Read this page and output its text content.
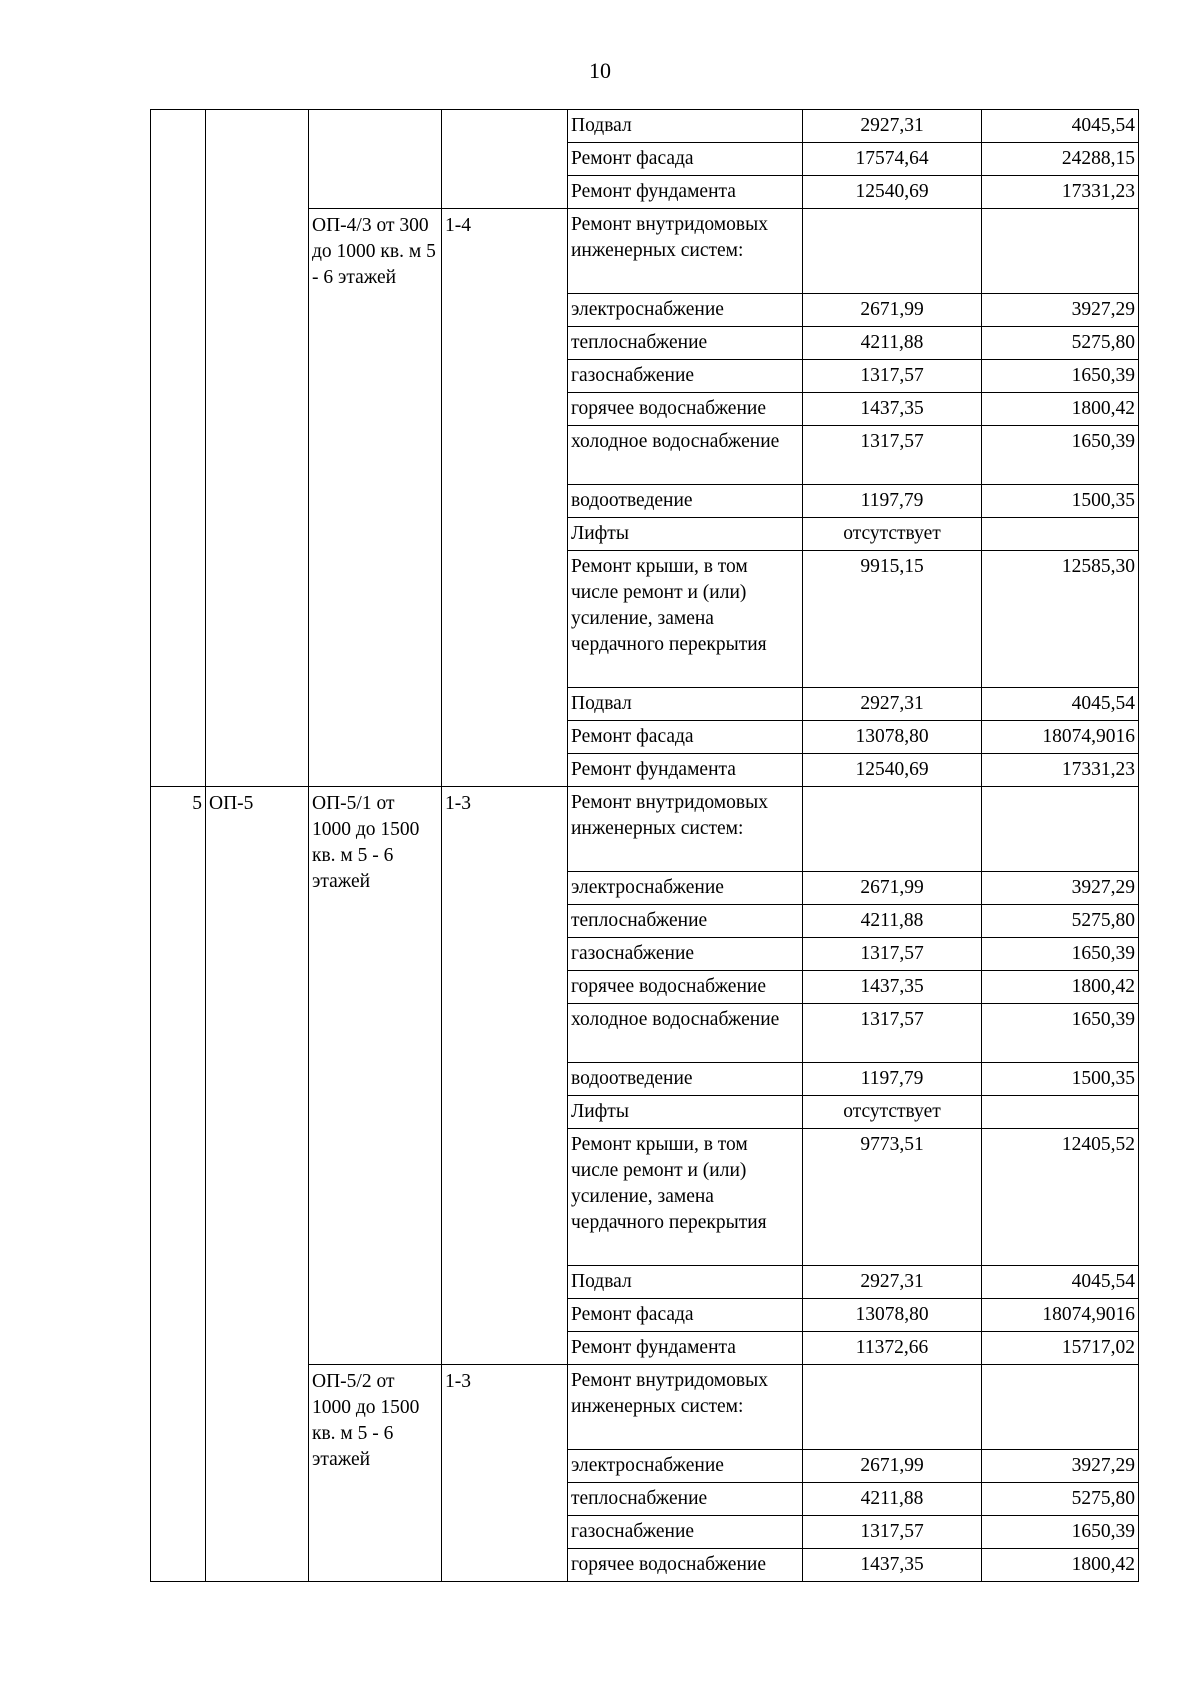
10
				Подвал	2927,31	4045,54
				Ремонт фасада	17574,64	24288,15
				Ремонт фундамента	12540,69	17331,23
		ОП-4/3 от 300 до 1000 кв. м 5 - 6 этажей	1-4	Ремонт внутридомовых инженерных систем:		
				электроснабжение	2671,99	3927,29
				теплоснабжение	4211,88	5275,80
				газоснабжение	1317,57	1650,39
				горячее водоснабжение	1437,35	1800,42
				холодное водоснабжение	1317,57	1650,39
				водоотведение	1197,79	1500,35
				Лифты	отсутствует	
				Ремонт крыши, в том числе ремонт и (или) усиление, замена чердачного перекрытия	9915,15	12585,30
				Подвал	2927,31	4045,54
				Ремонт фасада	13078,80	18074,9016
				Ремонт фундамента	12540,69	17331,23
5	ОП-5	ОП-5/1 от 1000 до 1500 кв. м 5 - 6 этажей	1-3	Ремонт внутридомовых инженерных систем:		
				электроснабжение	2671,99	3927,29
				теплоснабжение	4211,88	5275,80
				газоснабжение	1317,57	1650,39
				горячее водоснабжение	1437,35	1800,42
				холодное водоснабжение	1317,57	1650,39
				водоотведение	1197,79	1500,35
				Лифты	отсутствует	
				Ремонт крыши, в том числе ремонт и (или) усиление, замена чердачного перекрытия	9773,51	12405,52
				Подвал	2927,31	4045,54
				Ремонт фасада	13078,80	18074,9016
				Ремонт фундамента	11372,66	15717,02
		ОП-5/2 от 1000 до 1500 кв. м 5 - 6 этажей	1-3	Ремонт внутридомовых инженерных систем:		
				электроснабжение	2671,99	3927,29
				теплоснабжение	4211,88	5275,80
				газоснабжение	1317,57	1650,39
				горячее водоснабжение	1437,35	1800,42
